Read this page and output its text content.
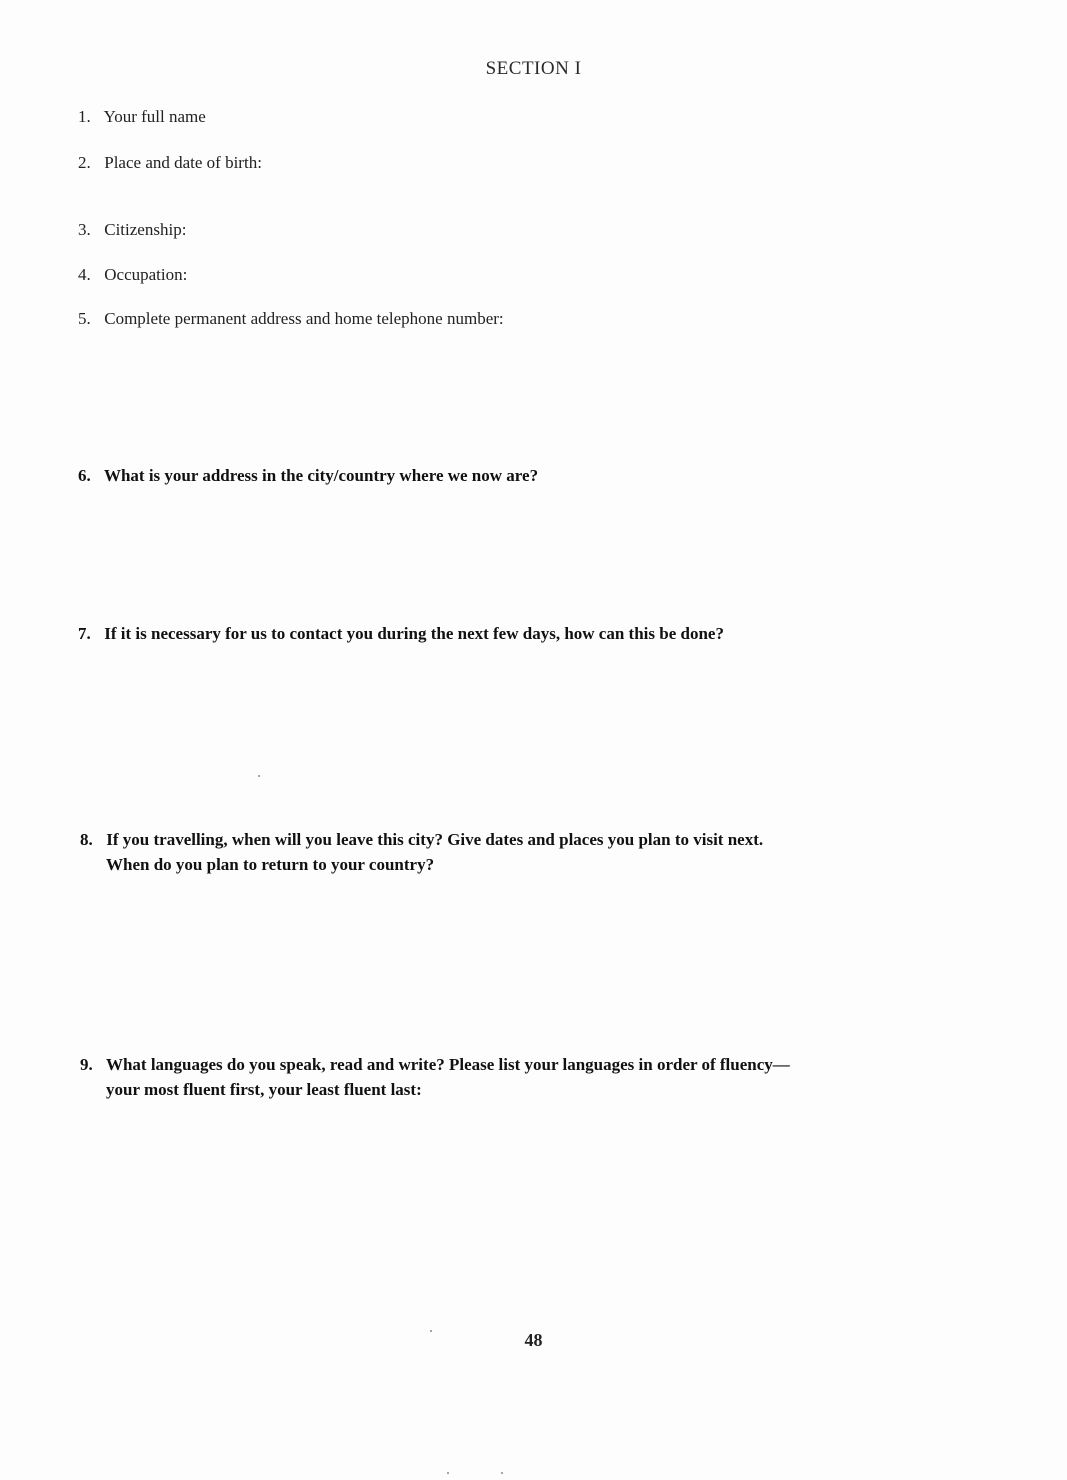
SECTION I
1. Your full name
2. Place and date of birth:
3. Citizenship:
4. Occupation:
5. Complete permanent address and home telephone number:
6. What is your address in the city/country where we now are?
7. If it is necessary for us to contact you during the next few days, how can this be done?
8. If you travelling, when will you leave this city? Give dates and places you plan to visit next.
When do you plan to return to your country?
9. What languages do you speak, read and write? Please list your languages in order of fluency—
your most fluent first, your least fluent last:
48
